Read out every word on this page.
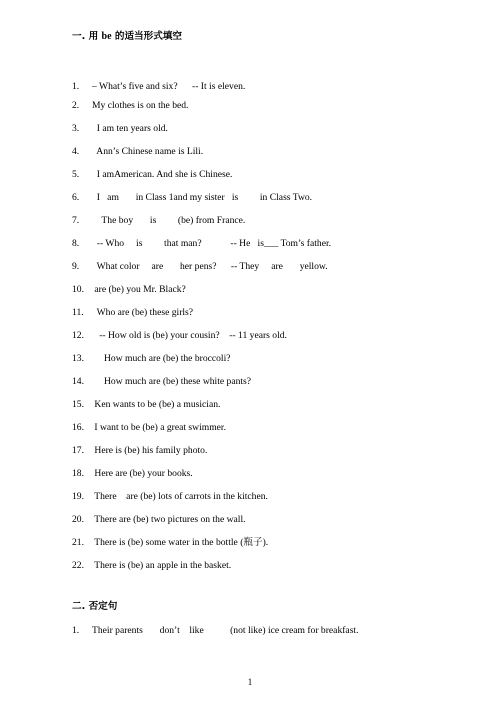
一. 用 be 的适当形式填空
1. – What’s five and six?      -- It is eleven.
2. My clothes is on the bed.
3.  I am ten years old.
4.  Ann’s Chinese name is Lili.
5.  I amAmerican. And she is Chinese.
6.  I   am       in Class 1and my sister   is         in Class Two.
7.    The boy       is         (be) from France.
8.  -- Who     is         that man?            -- He   is___ Tom’s father.
9.  What color     are       her pens?      -- They     are       yellow.
10. are (be) you Mr. Black?
11.  Who are (be) these girls?
12.   -- How old is (be) your cousin?    -- 11 years old.
13.     How much are (be) the broccoli?
14.     How much are (be) these white pants?
15. Ken wants to be (be) a musician.
16. I want to be (be) a great swimmer.
17. Here is (be) his family photo.
18. Here are (be) your books.
19. There    are (be) lots of carrots in the kitchen.
20. There are (be) two pictures on the wall.
21. There is (be) some water in the bottle (瓶子).
22. There is (be) an apple in the basket.
二. 否定句
1. Their parents       don’t    like           (not like) ice cream for breakfast.
1
